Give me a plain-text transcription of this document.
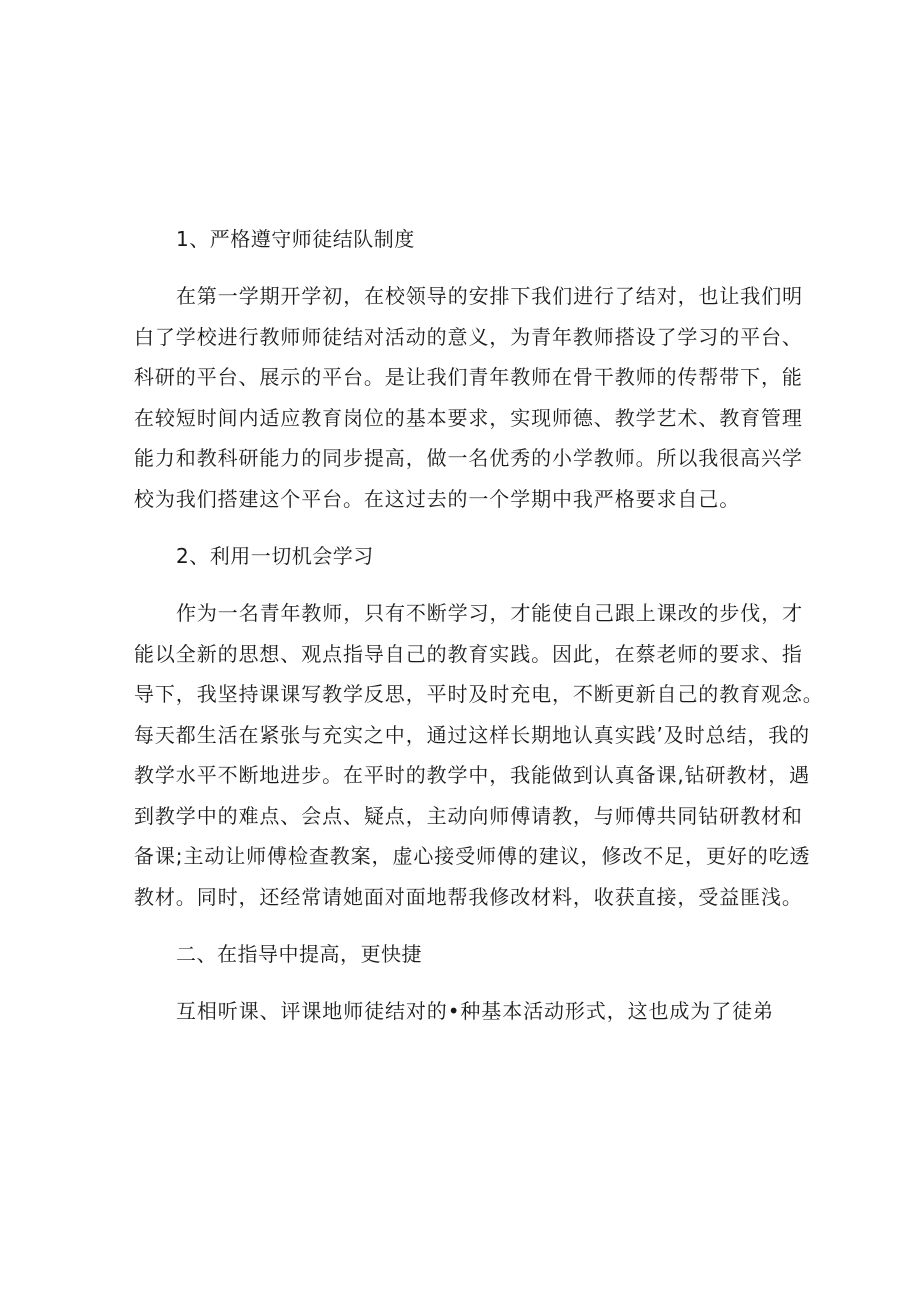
1、严格遵守师徒结队制度
在第一学期开学初，在校领导的安排下我们进行了结对，也让我们明
白了学校进行教师师徒结对活动的意义，为青年教师搭设了学习的平台、
科研的平台、展示的平台。是让我们青年教师在骨干教师的传帮带下，能
在较短时间内适应教育岗位的基本要求，实现师德、教学艺术、教育管理
能力和教科研能力的同步提高，做一名优秀的小学教师。所以我很高兴学
校为我们搭建这个平台。在这过去的一个学期中我严格要求自己。
2、利用一切机会学习
作为一名青年教师，只有不断学习，才能使自己跟上课改的步伐，才
能以全新的思想、观点指导自己的教育实践。因此，在蔡老师的要求、指
导下，我坚持课课写教学反思，平时及时充电，不断更新自己的教育观念。
每天都生活在紧张与充实之中，通过这样长期地认真实践’及时总结，我的
教学水平不断地进步。在平时的教学中，我能做到认真备课,钻研教材，遇
到教学中的难点、会点、疑点，主动向师傅请教，与师傅共同钻研教材和
备课;主动让师傅检查教案，虚心接受师傅的建议，修改不足，更好的吃透
教材。同时，还经常请她面对面地帮我修改材料，收获直接，受益匪浅。
二、在指导中提高，更快捷
互相听课、评课地师徒结对的•种基本活动形式，这也成为了徒弟
